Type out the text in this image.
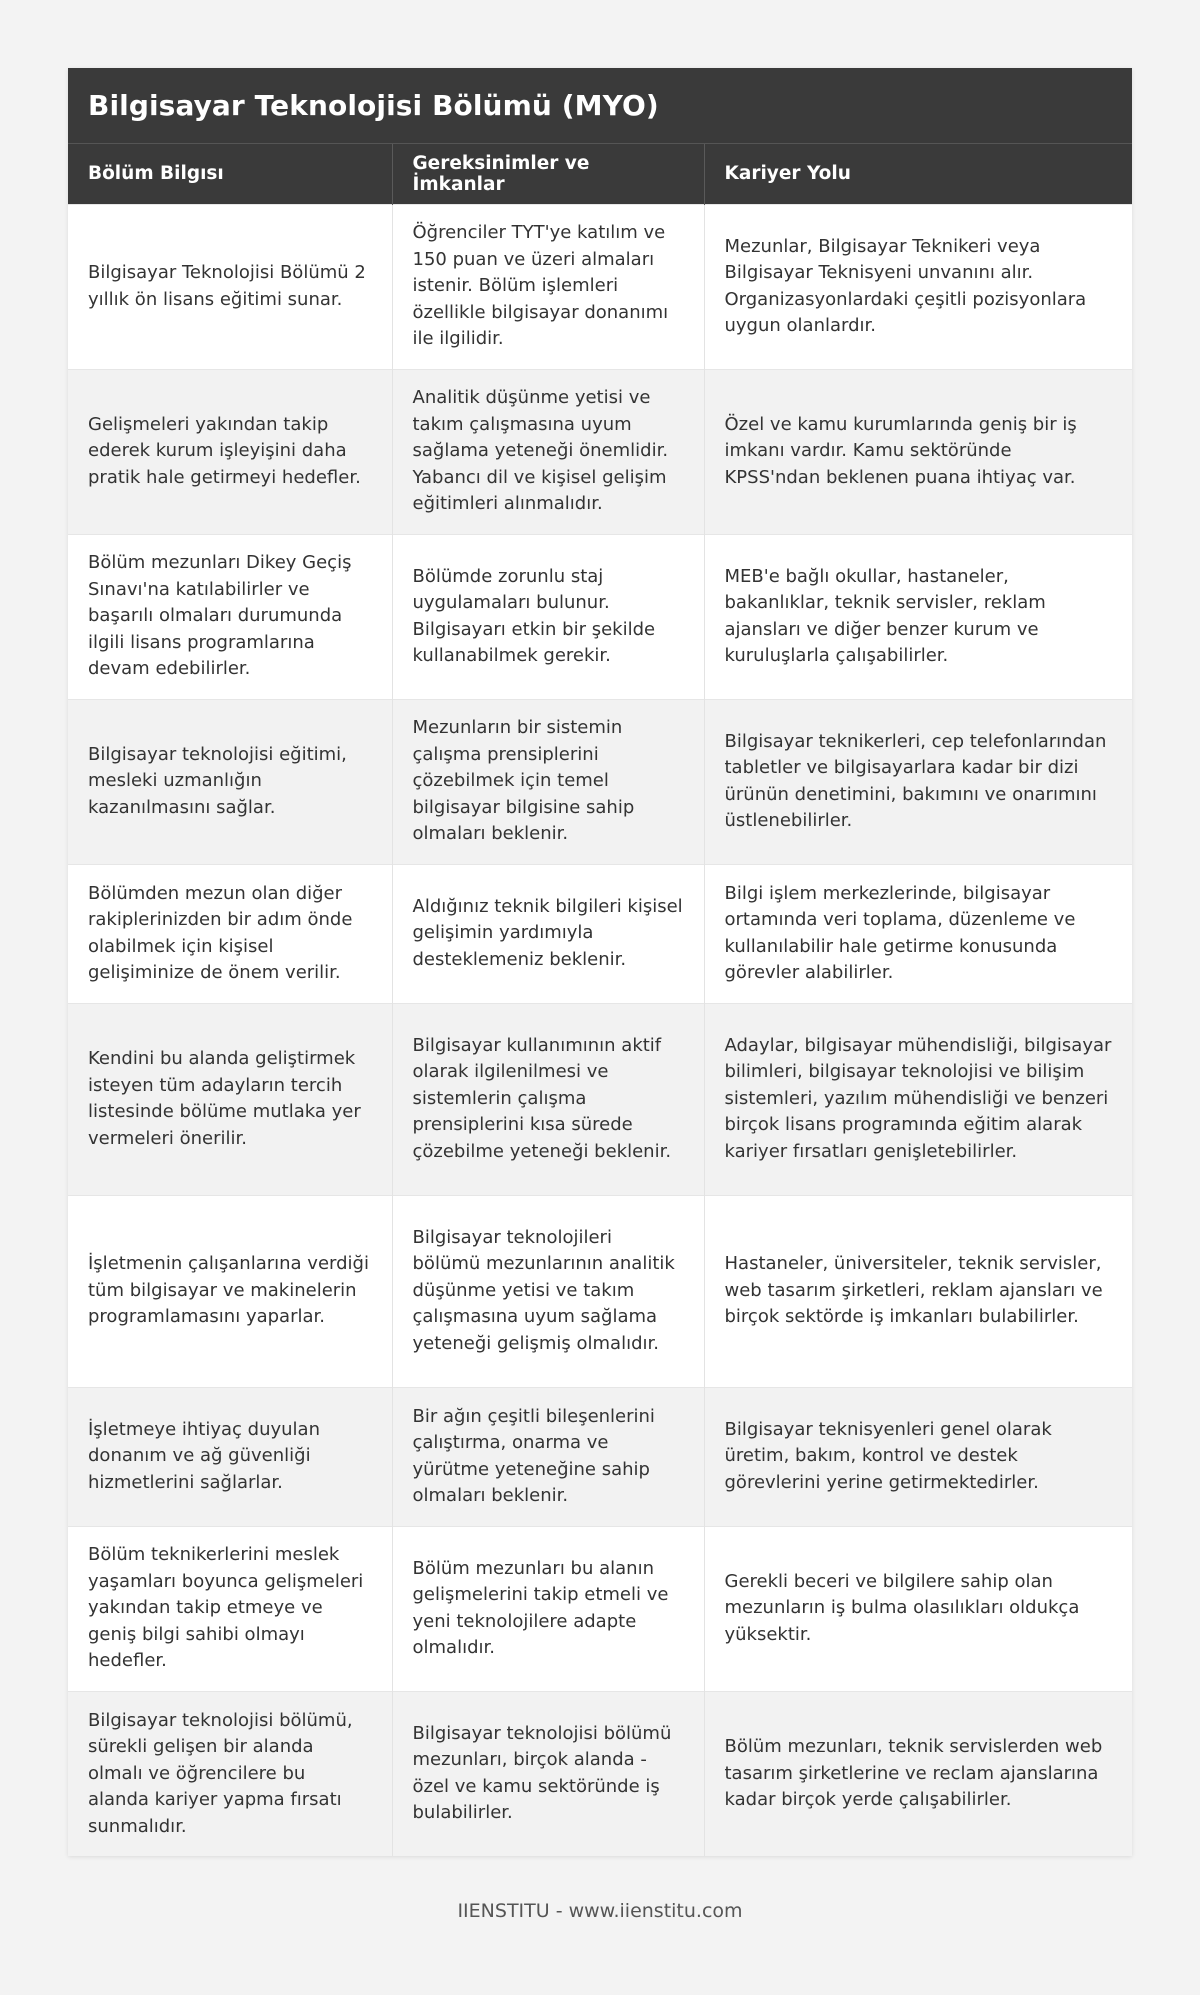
Bilgisayar Teknolojisi Bölümü (MYO)
Bölüm Bilgısı	Gereksinimler ve İmkanlar	Kariyer Yolu
Bilgisayar Teknolojisi Bölümü 2 yıllık ön lisans eğitimi sunar.	Öğrenciler TYT'ye katılım ve 150 puan ve üzeri almaları istenir. Bölüm işlemleri özellikle bilgisayar donanımı ile ilgilidir.	Mezunlar, Bilgisayar Teknikeri veya Bilgisayar Teknisyeni unvanını alır. Organizasyonlardaki çeşitli pozisyonlara uygun olanlardır.
Gelişmeleri yakından takip ederek kurum işleyişini daha pratik hale getirmeyi hedefler.	Analitik düşünme yetisi ve takım çalışmasına uyum sağlama yeteneği önemlidir. Yabancı dil ve kişisel gelişim eğitimleri alınmalıdır.	Özel ve kamu kurumlarında geniş bir iş imkanı vardır. Kamu sektöründe KPSS'ndan beklenen puana ihtiyaç var.
Bölüm mezunları Dikey Geçiş Sınavı'na katılabilirler ve başarılı olmaları durumunda ilgili lisans programlarına devam edebilirler.	Bölümde zorunlu staj uygulamaları bulunur. Bilgisayarı etkin bir şekilde kullanabilmek gerekir.	MEB'e bağlı okullar, hastaneler, bakanlıklar, teknik servisler, reklam ajansları ve diğer benzer kurum ve kuruluşlarla çalışabilirler.
Bilgisayar teknolojisi eğitimi, mesleki uzmanlığın kazanılmasını sağlar.	Mezunların bir sistemin çalışma prensiplerini çözebilmek için temel bilgisayar bilgisine sahip olmaları beklenir.	Bilgisayar teknikerleri, cep telefonlarından tabletler ve bilgisayarlara kadar bir dizi ürünün denetimini, bakımını ve onarımını üstlenebilirler.
Bölümden mezun olan diğer rakiplerinizden bir adım önde olabilmek için kişisel gelişiminize de önem verilir.	Aldığınız teknik bilgileri kişisel gelişimin yardımıyla desteklemeniz beklenir.	Bilgi işlem merkezlerinde, bilgisayar ortamında veri toplama, düzenleme ve kullanılabilir hale getirme konusunda görevler alabilirler.
Kendini bu alanda geliştirmek isteyen tüm adayların tercih listesinde bölüme mutlaka yer vermeleri önerilir.	Bilgisayar kullanımının aktif olarak ilgilenilmesi ve sistemlerin çalışma prensiplerini kısa sürede çözebilme yeteneği beklenir.	Adaylar, bilgisayar mühendisliği, bilgisayar bilimleri, bilgisayar teknolojisi ve bilişim sistemleri, yazılım mühendisliği ve benzeri birçok lisans programında eğitim alarak kariyer fırsatları genişletebilirler.
İşletmenin çalışanlarına verdiği tüm bilgisayar ve makinelerin programlamasını yaparlar.	Bilgisayar teknolojileri bölümü mezunlarının analitik düşünme yetisi ve takım çalışmasına uyum sağlama yeteneği gelişmiş olmalıdır.	Hastaneler, üniversiteler, teknik servisler, web tasarım şirketleri, reklam ajansları ve birçok sektörde iş imkanları bulabilirler.
İşletmeye ihtiyaç duyulan donanım ve ağ güvenliği hizmetlerini sağlarlar.	Bir ağın çeşitli bileşenlerini çalıştırma, onarma ve yürütme yeteneğine sahip olmaları beklenir.	Bilgisayar teknisyenleri genel olarak üretim, bakım, kontrol ve destek görevlerini yerine getirmektedirler.
Bölüm teknikerlerini meslek yaşamları boyunca gelişmeleri yakından takip etmeye ve geniş bilgi sahibi olmayı hedefler.	Bölüm mezunları bu alanın gelişmelerini takip etmeli ve yeni teknolojilere adapte olmalıdır.	Gerekli beceri ve bilgilere sahip olan mezunların iş bulma olasılıkları oldukça yüksektir.
Bilgisayar teknolojisi bölümü, sürekli gelişen bir alanda olmalı ve öğrencilere bu alanda kariyer yapma fırsatı sunmalıdır.	Bilgisayar teknolojisi bölümü mezunları, birçok alanda - özel ve kamu sektöründe iş bulabilirler.	Bölüm mezunları, teknik servislerden web tasarım şirketlerine ve reclam ajanslarına kadar birçok yerde çalışabilirler.
IIENSTITU - www.iienstitu.com
